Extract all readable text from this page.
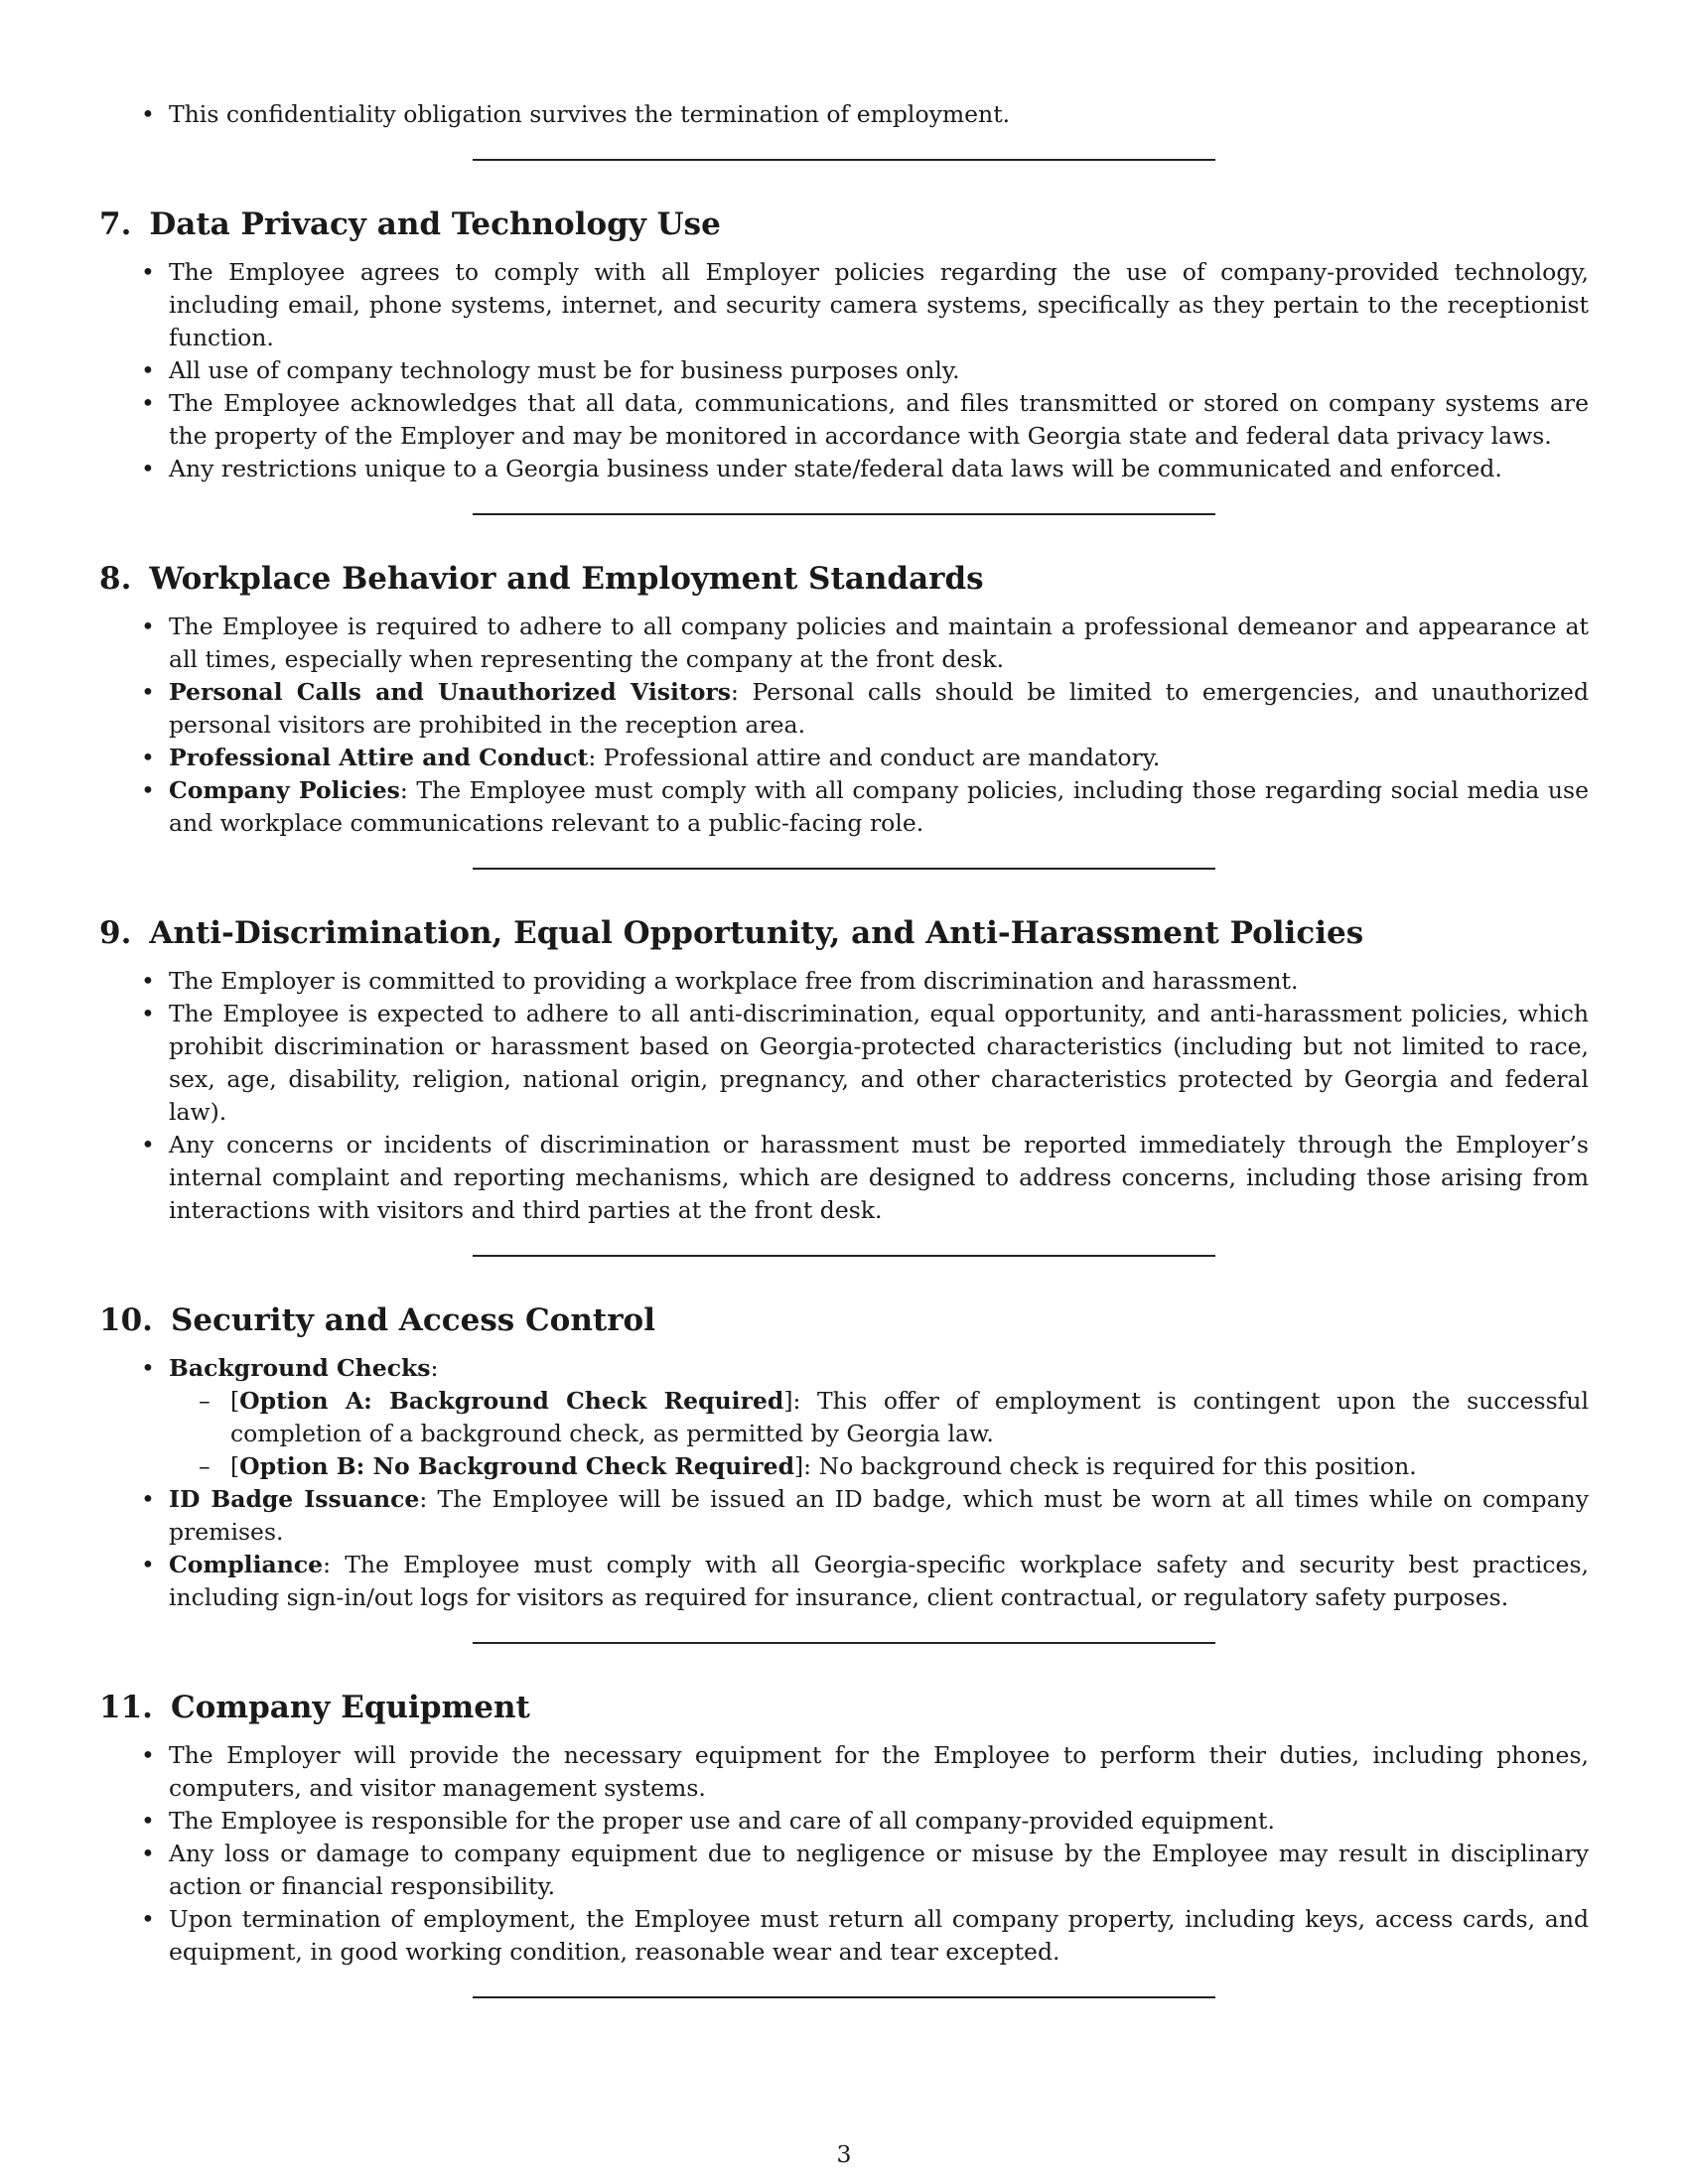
• This confidentiality obligation survives the termination of employment.
7. Data Privacy and Technology Use
• The Employee agrees to comply with all Employer policies regarding the use of company-provided technology, including email, phone systems, internet, and security camera systems, specifically as they pertain to the receptionist function.
• All use of company technology must be for business purposes only.
• The Employee acknowledges that all data, communications, and files transmitted or stored on company systems are the property of the Employer and may be monitored in accordance with Georgia state and federal data privacy laws.
• Any restrictions unique to a Georgia business under state/federal data laws will be communicated and enforced.
8. Workplace Behavior and Employment Standards
• The Employee is required to adhere to all company policies and maintain a professional demeanor and appearance at all times, especially when representing the company at the front desk.
• Personal Calls and Unauthorized Visitors: Personal calls should be limited to emergencies, and unauthorized personal visitors are prohibited in the reception area.
• Professional Attire and Conduct: Professional attire and conduct are mandatory.
• Company Policies: The Employee must comply with all company policies, including those regarding social media use and workplace communications relevant to a public-facing role.
9. Anti-Discrimination, Equal Opportunity, and Anti-Harassment Policies
• The Employer is committed to providing a workplace free from discrimination and harassment.
• The Employee is expected to adhere to all anti-discrimination, equal opportunity, and anti-harassment policies, which prohibit discrimination or harassment based on Georgia-protected characteristics (including but not limited to race, sex, age, disability, religion, national origin, pregnancy, and other characteristics protected by Georgia and federal law).
• Any concerns or incidents of discrimination or harassment must be reported immediately through the Employer’s internal complaint and reporting mechanisms, which are designed to address concerns, including those arising from interactions with visitors and third parties at the front desk.
10. Security and Access Control
• Background Checks:
– [Option A: Background Check Required]: This offer of employment is contingent upon the successful completion of a background check, as permitted by Georgia law.
– [Option B: No Background Check Required]: No background check is required for this position.
• ID Badge Issuance: The Employee will be issued an ID badge, which must be worn at all times while on company premises.
• Compliance: The Employee must comply with all Georgia-specific workplace safety and security best practices, including sign-in/out logs for visitors as required for insurance, client contractual, or regulatory safety purposes.
11. Company Equipment
• The Employer will provide the necessary equipment for the Employee to perform their duties, including phones, computers, and visitor management systems.
• The Employee is responsible for the proper use and care of all company-provided equipment.
• Any loss or damage to company equipment due to negligence or misuse by the Employee may result in disciplinary action or financial responsibility.
• Upon termination of employment, the Employee must return all company property, including keys, access cards, and equipment, in good working condition, reasonable wear and tear excepted.
3
